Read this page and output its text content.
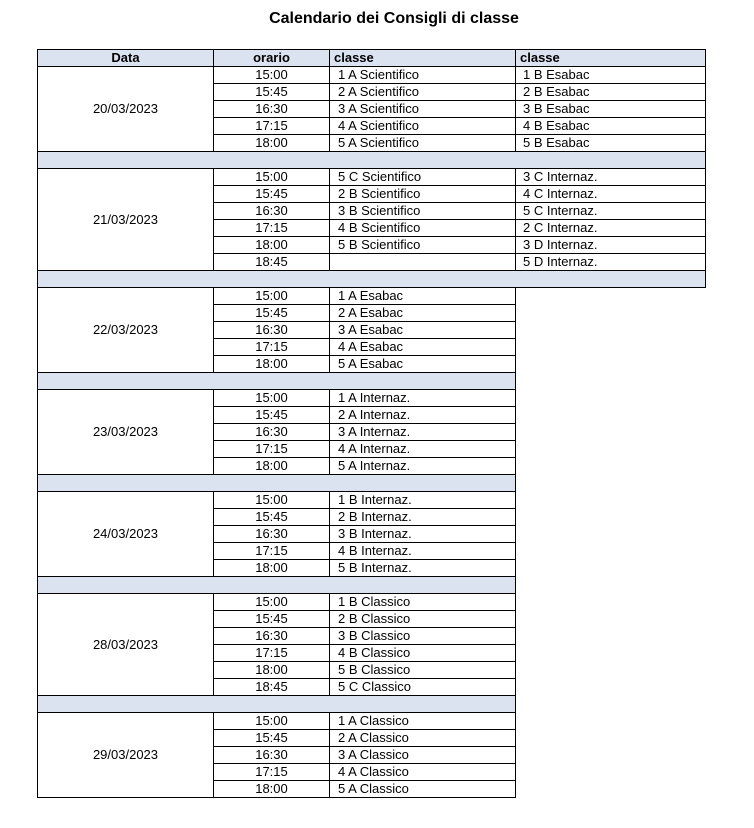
Calendario dei Consigli di classe
Data	orario	classe	classe
20/03/2023	15:00	1 A Scientifico	1 B Esabac
	15:45	2 A Scientifico	2 B Esabac
	16:30	3 A Scientifico	3 B Esabac
	17:15	4 A Scientifico	4 B Esabac
	18:00	5 A Scientifico	5 B Esabac

21/03/2023	15:00	5 C Scientifico	3 C Internaz.
	15:45	2 B Scientifico	4 C Internaz.
	16:30	3 B Scientifico	5 C Internaz.
	17:15	4 B Scientifico	2 C Internaz.
	18:00	5 B Scientifico	3 D Internaz.
	18:45		5 D Internaz.

22/03/2023	15:00	1 A Esabac	
	15:45	2 A Esabac	
	16:30	3 A Esabac	
	17:15	4 A Esabac	
	18:00	5 A Esabac	

23/03/2023	15:00	1 A Internaz.	
	15:45	2 A Internaz.	
	16:30	3 A Internaz.	
	17:15	4 A Internaz.	
	18:00	5 A Internaz.	

24/03/2023	15:00	1 B Internaz.	
	15:45	2 B Internaz.	
	16:30	3 B Internaz.	
	17:15	4 B Internaz.	
	18:00	5 B Internaz.	

28/03/2023	15:00	1 B Classico	
	15:45	2 B Classico	
	16:30	3 B Classico	
	17:15	4 B Classico	
	18:00	5 B Classico	
	18:45	5 C Classico	

29/03/2023	15:00	1 A Classico	
	15:45	2 A Classico	
	16:30	3 A Classico	
	17:15	4 A Classico	
	18:00	5 A Classico	
